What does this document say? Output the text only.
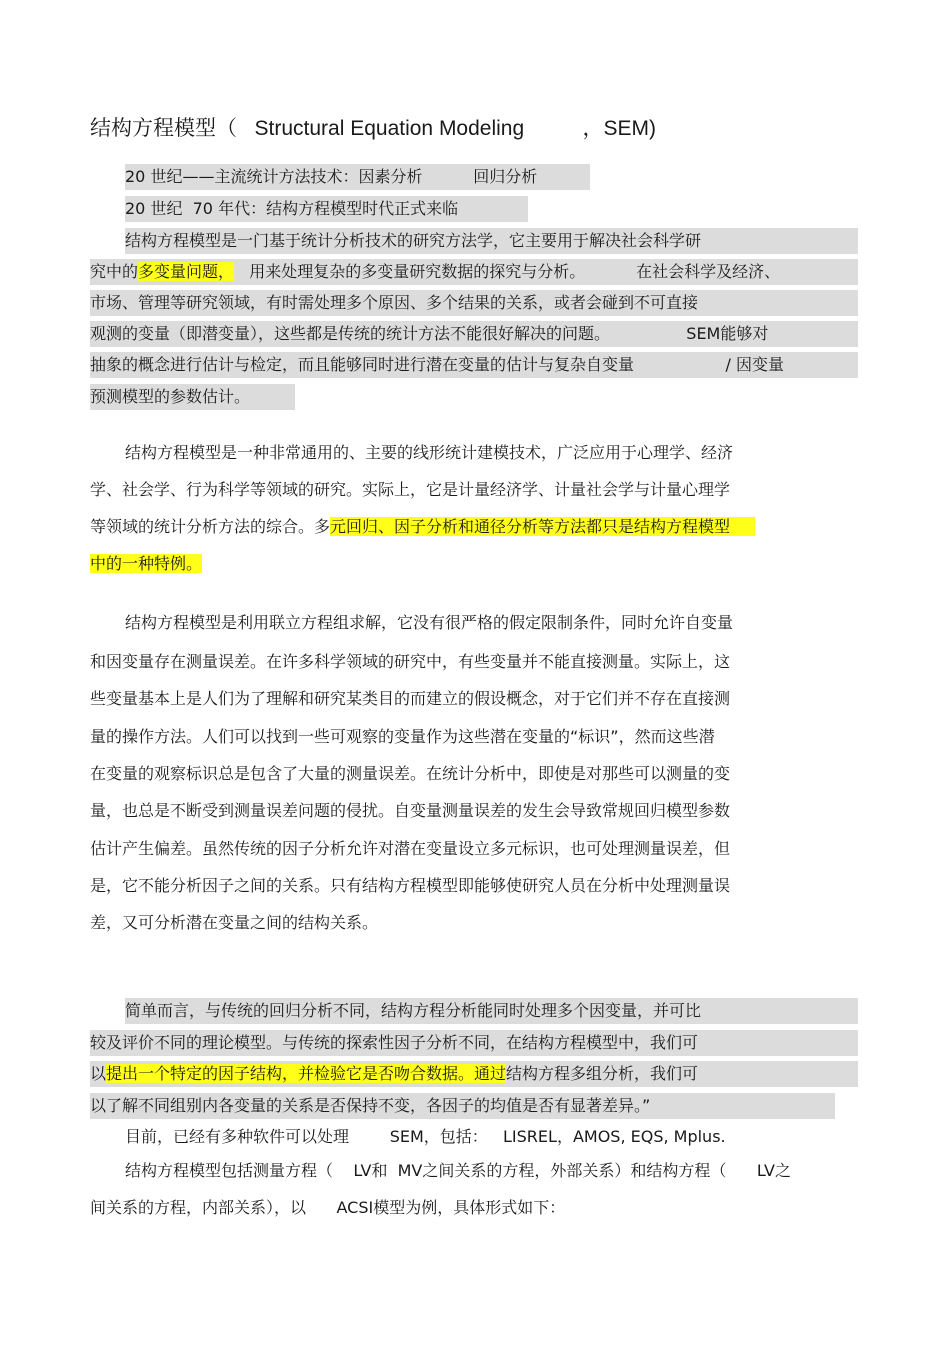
结构方程模型（   Structural Equation Modeling          ，SEM)
20 世纪——主流统计方法技术：因素分析          回归分析
20 世纪  70 年代：结构方程模型时代正式来临
结构方程模型是一门基于统计分析技术的研究方法学，它主要用于解决社会科学研
究中的多变量问题，   用来处理复杂的多变量研究数据的探究与分析。          在社会科学及经济、
市场、管理等研究领域，有时需处理多个原因、多个结果的关系，或者会碰到不可直接
观测的变量（即潜变量），这些都是传统的统计方法不能很好解决的问题。               SEM能够对
抽象的概念进行估计与检定，而且能够同时进行潜在变量的估计与复杂自变量                  / 因变量
预测模型的参数估计。
结构方程模型是一种非常通用的、主要的线形统计建模技术，广泛应用于心理学、经济
学、社会学、行为科学等领域的研究。实际上，它是计量经济学、计量社会学与计量心理学
等领域的统计分析方法的综合。多元回归、因子分析和通径分析等方法都只是结构方程模型
中的一种特例。
结构方程模型是利用联立方程组求解，它没有很严格的假定限制条件，同时允许自变量
和因变量存在测量误差。在许多科学领域的研究中，有些变量并不能直接测量。实际上，这
些变量基本上是人们为了理解和研究某类目的而建立的假设概念，对于它们并不存在直接测
量的操作方法。人们可以找到一些可观察的变量作为这些潜在变量的“标识”，然而这些潜
在变量的观察标识总是包含了大量的测量误差。在统计分析中，即使是对那些可以测量的变
量，也总是不断受到测量误差问题的侵扰。自变量测量误差的发生会导致常规回归模型参数
估计产生偏差。虽然传统的因子分析允许对潜在变量设立多元标识，也可处理测量误差，但
是，它不能分析因子之间的关系。只有结构方程模型即能够使研究人员在分析中处理测量误
差，又可分析潜在变量之间的结构关系。
简单而言，与传统的回归分析不同，结构方程分析能同时处理多个因变量，并可比
较及评价不同的理论模型。与传统的探索性因子分析不同，在结构方程模型中，我们可
以提出一个特定的因子结构，并检验它是否吻合数据。通过结构方程多组分析，我们可
以了解不同组别内各变量的关系是否保持不变，各因子的均值是否有显著差异。”
目前，已经有多种软件可以处理        SEM，包括：   LISREL，AMOS, EQS, Mplus.
结构方程模型包括测量方程（    LV和  MV之间关系的方程，外部关系）和结构方程（      LV之
间关系的方程，内部关系），以      ACSI模型为例，具体形式如下：
